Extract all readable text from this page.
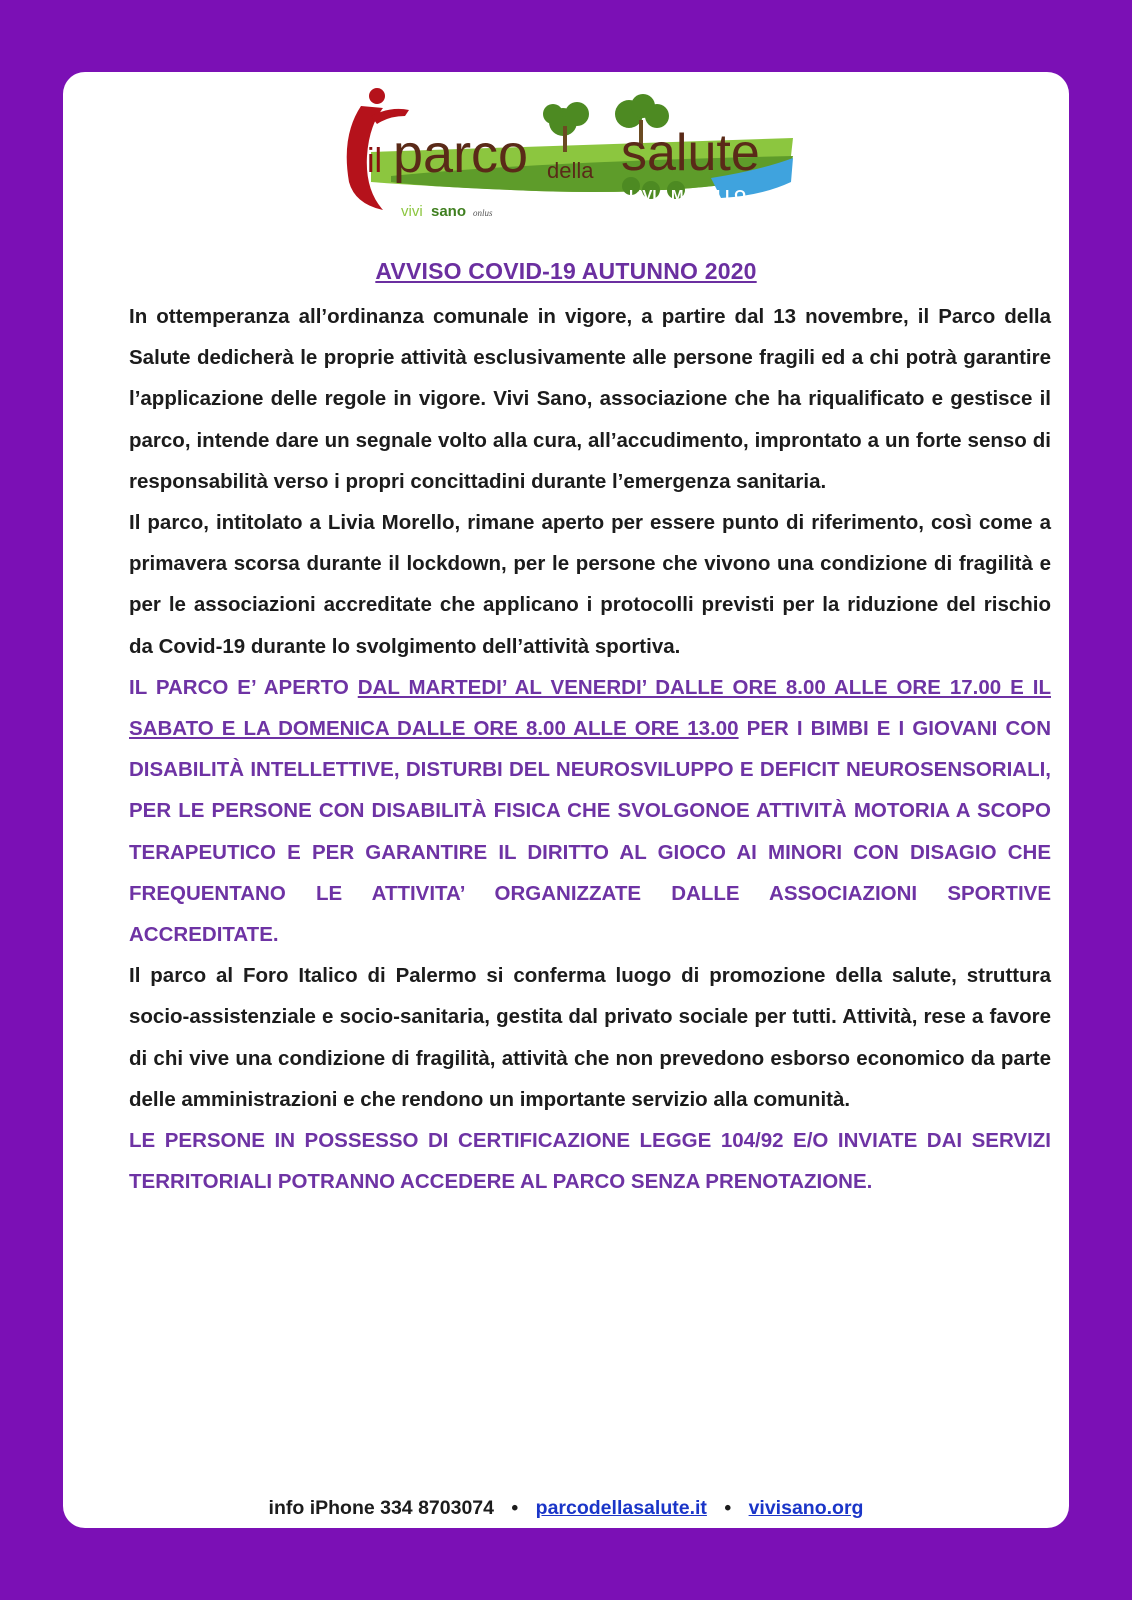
il parco della salute
LIVIA MORELLO
vivi sano onlus
AVVISO COVID-19 AUTUNNO 2020

In ottemperanza all’ordinanza comunale in vigore, a partire dal 13 novembre, il Parco della Salute dedicherà le proprie attività esclusivamente alle persone fragili ed a chi potrà garantire l’applicazione delle regole in vigore. Vivi Sano, associazione che ha riqualificato e gestisce il parco, intende dare un segnale volto alla cura, all’accudimento, improntato a un forte senso di responsabilità verso i propri concittadini durante l’emergenza sanitaria.

Il parco, intitolato a Livia Morello, rimane aperto per essere punto di riferimento, così come a primavera scorsa durante il lockdown, per le persone che vivono una condizione di fragilità e per le associazioni accreditate che applicano i protocolli previsti per la riduzione del rischio da Covid-19 durante lo svolgimento dell’attività sportiva.

IL PARCO E’ APERTO DAL MARTEDI’ AL VENERDI’ DALLE ORE 8.00 ALLE ORE 17.00 E IL SABATO E LA DOMENICA DALLE ORE 8.00 ALLE ORE 13.00 PER I BIMBI E I GIOVANI CON DISABILITÀ INTELLETTIVE, DISTURBI DEL NEUROSVILUPPO E DEFICIT NEUROSENSORIALI, PER LE PERSONE CON DISABILITÀ FISICA CHE SVOLGONOE ATTIVITÀ MOTORIA A SCOPO TERAPEUTICO E PER GARANTIRE IL DIRITTO AL GIOCO AI MINORI CON DISAGIO CHE FREQUENTANO LE ATTIVITA’ ORGANIZZATE DALLE ASSOCIAZIONI SPORTIVE ACCREDITATE.

Il parco al Foro Italico di Palermo si conferma luogo di promozione della salute, struttura socio-assistenziale e socio-sanitaria, gestita dal privato sociale per tutti. Attività, rese a favore di chi vive una condizione di fragilità, attività che non prevedono esborso economico da parte delle amministrazioni e che rendono un importante servizio alla comunità.

LE PERSONE IN POSSESSO DI CERTIFICAZIONE LEGGE 104/92 E/O INVIATE DAI SERVIZI TERRITORIALI POTRANNO ACCEDERE AL PARCO SENZA PRENOTAZIONE.

info iPhone 334 8703074 • parcodellasalute.it • vivisano.org
